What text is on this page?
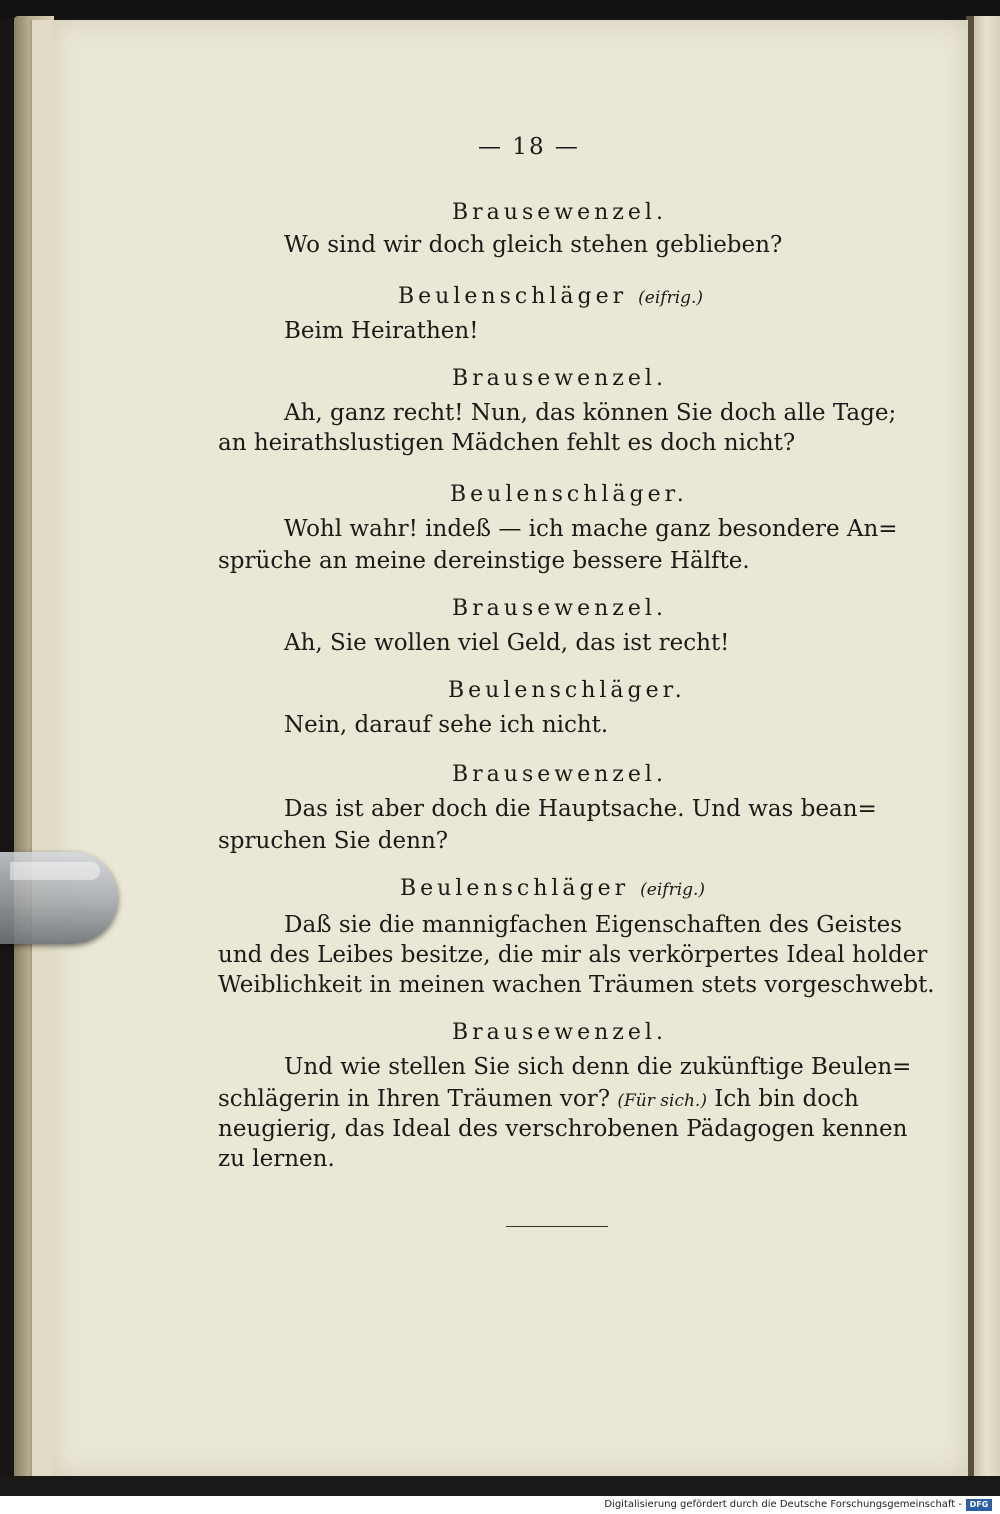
— 18 —
Brausewenzel.
Wo sind wir doch gleich stehen geblieben?
Beulenschläger (eifrig.)
Beim Heirathen!
Brausewenzel.
Ah, ganz recht! Nun, das können Sie doch alle Tage;
an heirathslustigen Mädchen fehlt es doch nicht?
Beulenschläger.
Wohl wahr! indeß — ich mache ganz besondere An=
sprüche an meine dereinstige bessere Hälfte.
Brausewenzel.
Ah, Sie wollen viel Geld, das ist recht!
Beulenschläger.
Nein, darauf sehe ich nicht.
Brausewenzel.
Das ist aber doch die Hauptsache. Und was bean=
spruchen Sie denn?
Beulenschläger (eifrig.)
Daß sie die mannigfachen Eigenschaften des Geistes
und des Leibes besitze, die mir als verkörpertes Ideal holder
Weiblichkeit in meinen wachen Träumen stets vorgeschwebt.
Brausewenzel.
Und wie stellen Sie sich denn die zukünftige Beulen=
schlägerin in Ihren Träumen vor? (Für sich.) Ich bin doch
neugierig, das Ideal des verschrobenen Pädagogen kennen
zu lernen.
Digitalisierung gefördert durch die Deutsche Forschungsgemeinschaft - DFG
